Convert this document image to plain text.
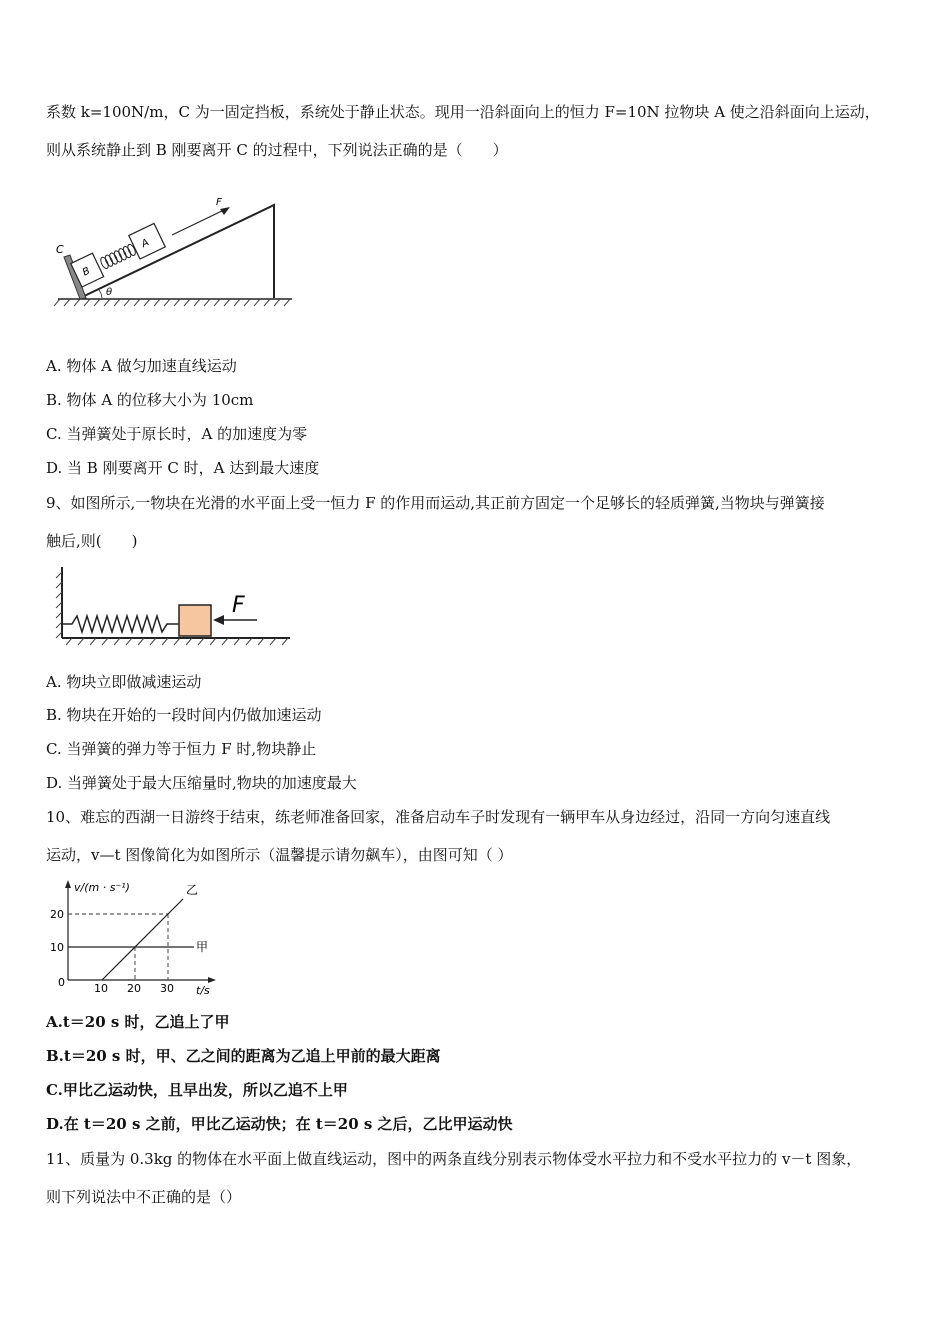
系数 k=100N/m，C 为一固定挡板，系统处于静止状态。现用一沿斜面向上的恒力 F=10N 拉物块 A 使之沿斜面向上运动，
则从系统静止到 B 刚要离开 C 的过程中，下列说法正确的是（　　）
C
B
A
F
θ
A. 物体 A 做匀加速直线运动
B. 物体 A 的位移大小为 10cm
C. 当弹簧处于原长时，A 的加速度为零
D. 当 B 刚要离开 C 时，A 达到最大速度
9、如图所示,一物块在光滑的水平面上受一恒力 F 的作用而运动,其正前方固定一个足够长的轻质弹簧,当物块与弹簧接
触后,则(　　)
F
A. 物块立即做减速运动
B. 物块在开始的一段时间内仍做加速运动
C. 当弹簧的弹力等于恒力 F 时,物块静止
D. 当弹簧处于最大压缩量时,物块的加速度最大
10、难忘的西湖一日游终于结束，练老师准备回家，准备启动车子时发现有一辆甲车从身边经过，沿同一方向匀速直线
运动，v—t 图像简化为如图所示（温馨提示请勿飙车），由图可知（ ）
v/(m · s⁻¹)
t/s
20
10
0	10 20 30
甲
乙
A.t＝20 s 时，乙追上了甲
B.t＝20 s 时，甲、乙之间的距离为乙追上甲前的最大距离
C.甲比乙运动快，且早出发，所以乙追不上甲
D.在 t＝20 s 之前，甲比乙运动快；在 t＝20 s 之后，乙比甲运动快
11、质量为 0.3kg 的物体在水平面上做直线运动，图中的两条直线分别表示物体受水平拉力和不受水平拉力的 v－t 图象，
则下列说法中不正确的是（）
